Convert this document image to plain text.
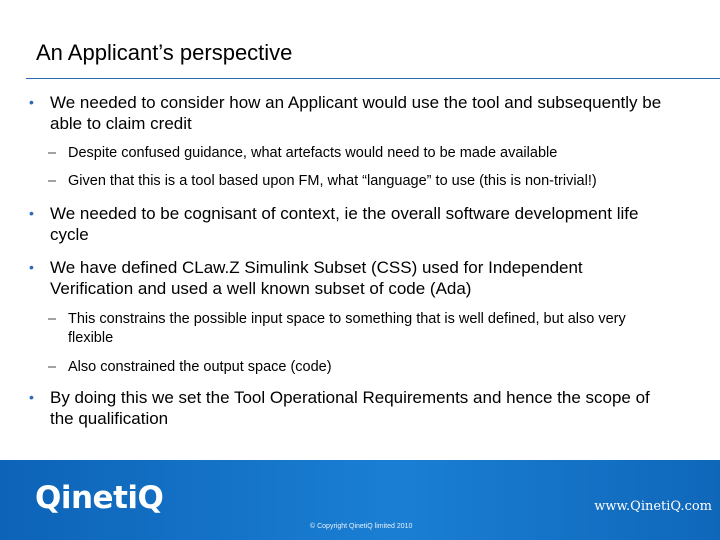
An Applicant’s perspective
• We needed to consider how an Applicant would use the tool and subsequently be able to claim credit
– Despite confused guidance, what artefacts would need to be made available
– Given that this is a tool based upon FM, what “language” to use (this is non-trivial!)
• We needed to be cognisant of context, ie the overall software development life cycle
• We have defined CLaw.Z Simulink Subset (CSS) used for Independent Verification and used a well known subset of code (Ada)
– This constrains the possible input space to something that is well defined, but also very flexible
– Also constrained the output space (code)
• By doing this we set the Tool Operational Requirements and hence the scope of the qualification
QinetiQ	www.QinetiQ.com
© Copyright QinetiQ limited 2010
